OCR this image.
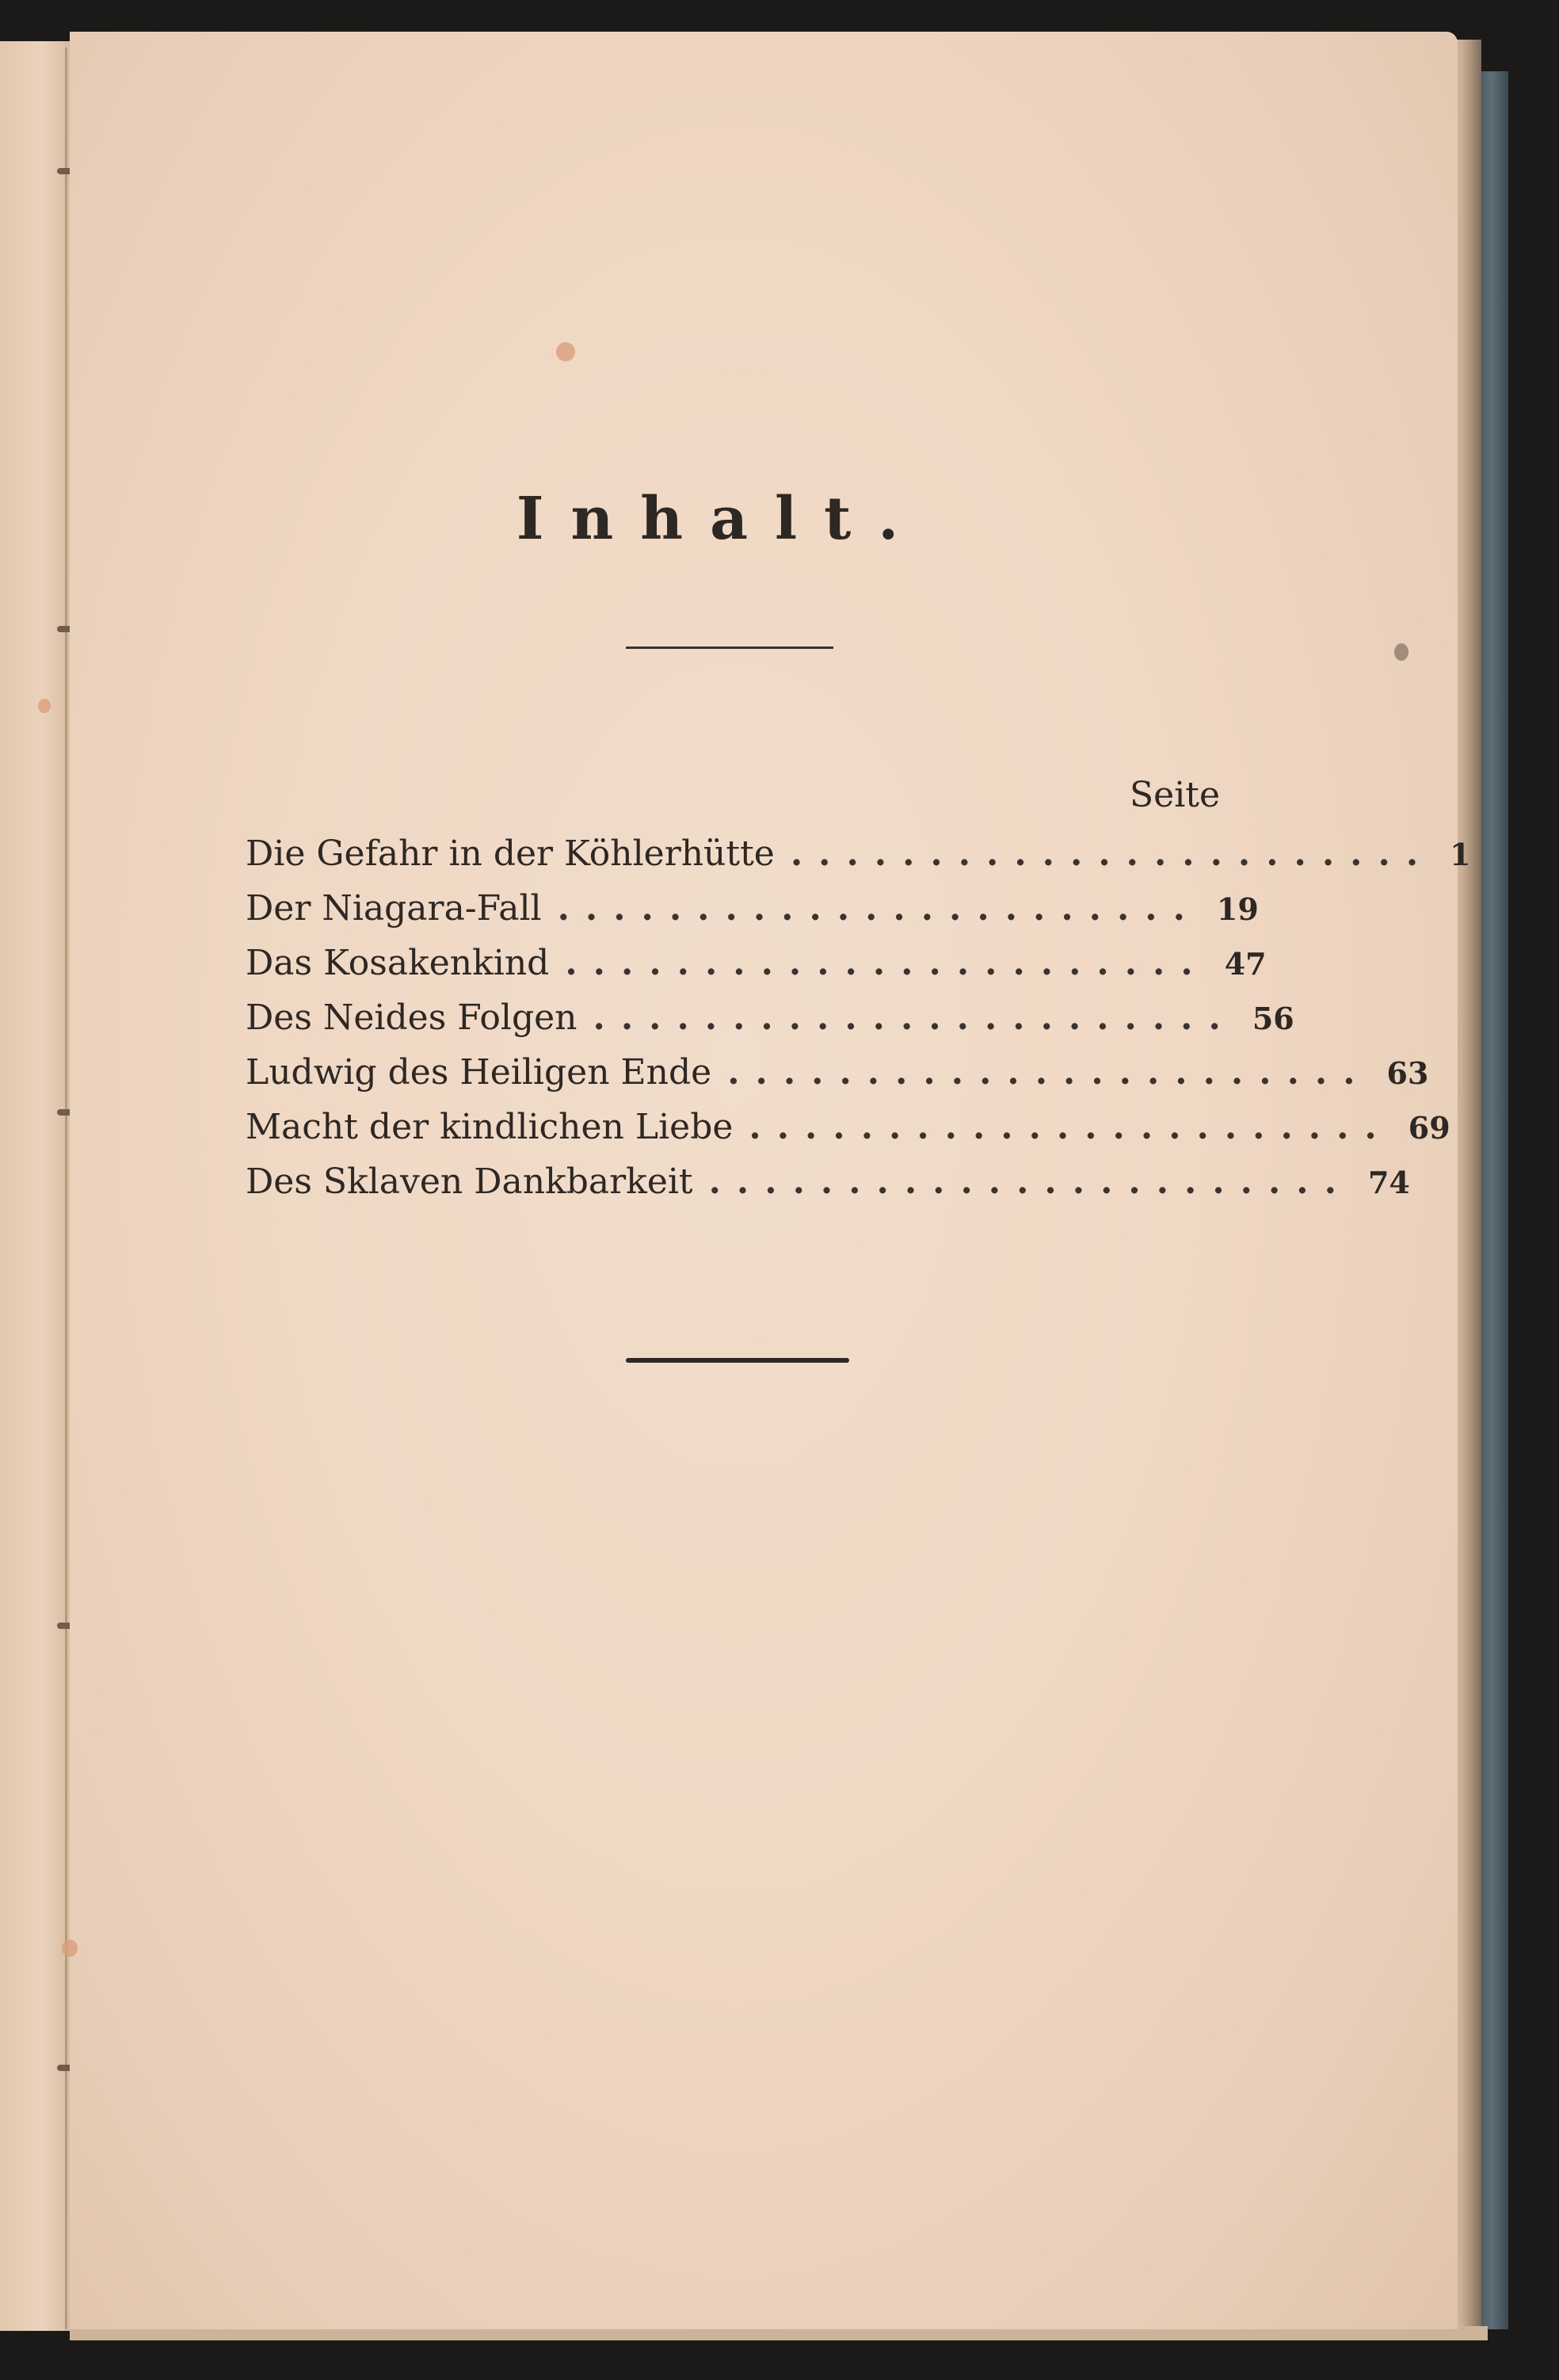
Inhalt.
Seite
Die Gefahr in der Köhlerhütte ....................... 1
Der Niagara-Fall ....................... 19
Das Kosakenkind ....................... 47
Des Neides Folgen ....................... 56
Ludwig des Heiligen Ende ....................... 63
Macht der kindlichen Liebe ....................... 69
Des Sklaven Dankbarkeit ....................... 74
